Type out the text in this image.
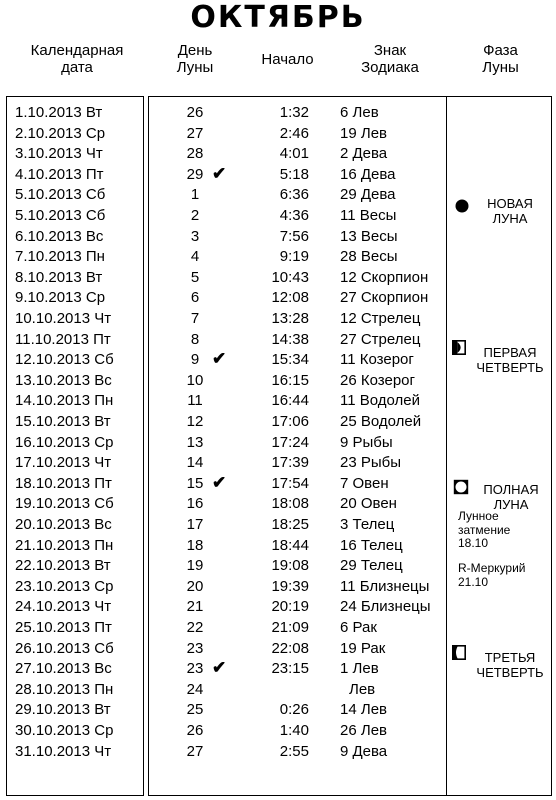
ОКТЯБРЬ
Календарная
дата
День
Луны	Начало
Знак
Зодиака
Фаза
Луны
1.10.2013 Вт	26	1:32 6 Лев
2.10.2013 Ср	27	2:46 19 Лев
3.10.2013 Чт	28	4:01 2 Дева
4.10.2013 Пт	29	5:18 16 Дева
✔
5.10.2013 Сб	1	6:36 29 Дева
5.10.2013 Сб	2	4:36 11 Весы
6.10.2013 Вс	3	7:56 13 Весы
7.10.2013 Пн	4	9:19 28 Весы
8.10.2013 Вт	5	10:43 12 Скорпион
9.10.2013 Ср	6	12:08 27 Скорпион
10.10.2013 Чт	7	13:28 12 Стрелец
11.10.2013 Пт	8	14:38 27 Стрелец
12.10.2013 Сб	9	15:34 11 Козерог
✔
13.10.2013 Вс	10	16:15 26 Козерог
14.10.2013 Пн	11	16:44 11 Водолей
15.10.2013 Вт	12	17:06 25 Водолей
16.10.2013 Ср	13	17:24 9 Рыбы
17.10.2013 Чт	14	17:39 23 Рыбы
18.10.2013 Пт	15	17:54 7 Овен
✔
19.10.2013 Сб	16	18:08 20 Овен
20.10.2013 Вс	17	18:25 3 Телец
21.10.2013 Пн	18	18:44 16 Телец
22.10.2013 Вт	19	19:08 29 Телец
23.10.2013 Ср	20	19:39 11 Близнецы
24.10.2013 Чт	21	20:19 24 Близнецы
25.10.2013 Пт	22	21:09 6 Рак
26.10.2013 Сб	23	22:08 19 Рак
27.10.2013 Вс	23	23:15 1 Лев
✔
28.10.2013 Пн	24	Лев
29.10.2013 Вт	25	0:26 14 Лев
30.10.2013 Ср	26	1:40 26 Лев
31.10.2013 Чт	27	2:55 9 Дева
НОВАЯ
ЛУНА
ПЕРВАЯ
ЧЕТВЕРТЬ
ПОЛНАЯ
ЛУНА
Лунное
затмение
18.10
R-Меркурий
21.10
ТРЕТЬЯ
ЧЕТВЕРТЬ
